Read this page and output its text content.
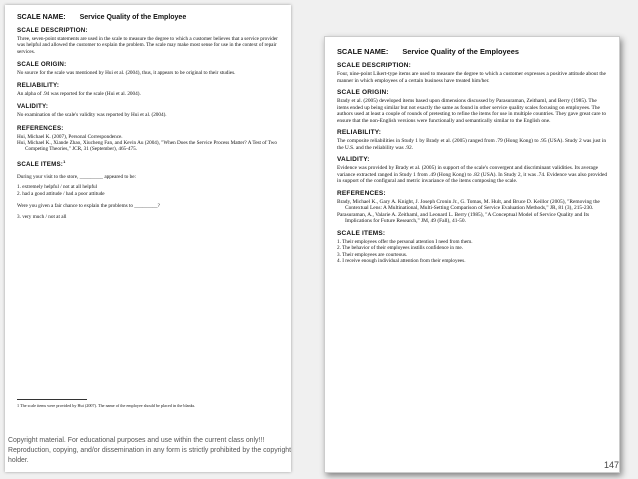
SCALE NAME: Service Quality of the Employee
SCALE DESCRIPTION:

Three, seven-point statements are used in the scale to measure the degree to which a customer believes that a service provider was helpful and allowed the customer to explain the problem. The scale may make most sense for use in the context of repair services.

SCALE ORIGIN:

No source for the scale was mentioned by Hui et al. (2004), thus, it appears to be original to their studies.

RELIABILITY:

An alpha of .94 was reported for the scale (Hui et al. 2004).

VALIDITY:

No examination of the scale's validity was reported by Hui et al. (2004).

REFERENCES:

Hui, Michael K. (2007), Personal Correspondence.

Hui, Michael K., Xiande Zhao, Xiucheng Fan, and Kevin Au (2004), "When Does the Service Process Matter? A Test of Two Competing Theories," JCR, 31 (September), 465-475.

SCALE ITEMS:$^1$

During your visit to the store, _________ appeared to be:

1. extremely helpful / not at all helpful

2. had a good attitude / had a poor attitude

Were you given a fair chance to explain the problems to _________?

3. very much / not at all

1 The scale items were provided by Hui (2007). The name of the employee should be placed in the blanks.
SCALE NAME: Service Quality of the Employees
SCALE DESCRIPTION:

Four, nine-point Likert-type items are used to measure the degree to which a customer expresses a positive attitude about the manner in which employees of a certain business have treated him/her.

SCALE ORIGIN:

Brady et al. (2005) developed items based upon dimensions discussed by Parasuraman, Zeithaml, and Berry (1985). The items ended up being similar but not exactly the same as found in other service quality scales focusing on employees. The authors used at least a couple of rounds of pretesting to refine the items for use in multiple countries. They gave great care to ensure that the non-English versions were functionally and semantically similar to the English one.

RELIABILITY:

The composite reliabilities in Study 1 by Brady et al. (2005) ranged from .79 (Hong Kong) to .95 (USA). Study 2 was just in the U.S. and the reliability was .92.

VALIDITY:

Evidence was provided by Brady et al. (2005) in support of the scale's convergent and discriminant validities. Its average variance extracted ranged in Study 1 from .49 (Hong Kong) to .82 (USA). In Study 2, it was .74. Evidence was also provided in support of the configural and metric invariance of the items composing the scale.

REFERENCES:

Brady, Michael K., Gary A. Knight, J. Joseph Cronin Jr., G. Tomas, M. Hult, and Bruce D. Keillor (2005), "Removing the Contextual Lens: A Multinational, Multi-Setting Comparison of Service Evaluation Methods," JR, 81 (3), 215-230.

Parasuraman, A., Valarie A. Zeithaml, and Leonard L. Berry (1985), "A Conceptual Model of Service Quality and Its Implications for Future Research," JM, 49 (Fall), 41-50.

SCALE ITEMS:

1. Their employees offer the personal attention I need from them.

2. The behavior of their employees instills confidence in me.

3. Their employees are courteous.

4. I receive enough individual attention from their employees.

Copyright material. For educational purposes and use within the current class only!!! Reproduction, copying, and/or dissemination in any form is strictly prohibited by the copyright holder.	147
